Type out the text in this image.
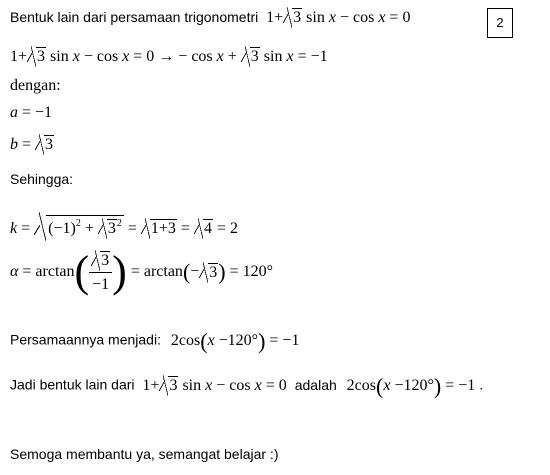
2
Bentuk lain dari persamaan trigonometri 1+ 3 sin x − cos x = 0
1+ 3 sin x − cos x = 0 → − cos x + 3 sin x = −1
dengan:
a = −1
b = 3
Sehingga:
$k = (-1)^2 + 3^2 = 1+3 = 4 = 2$
α = arctan ( $\frac{3}{-1}$ ) = arctan ( − 3 ) = 120°
Persamaannya menjadi: 2cos(x −120°) = −1
Jadi bentuk lain dari 1+ 3 sin x − cos x = 0 adalah 2cos(x −120°) = −1 .
Semoga membantu ya, semangat belajar :)
